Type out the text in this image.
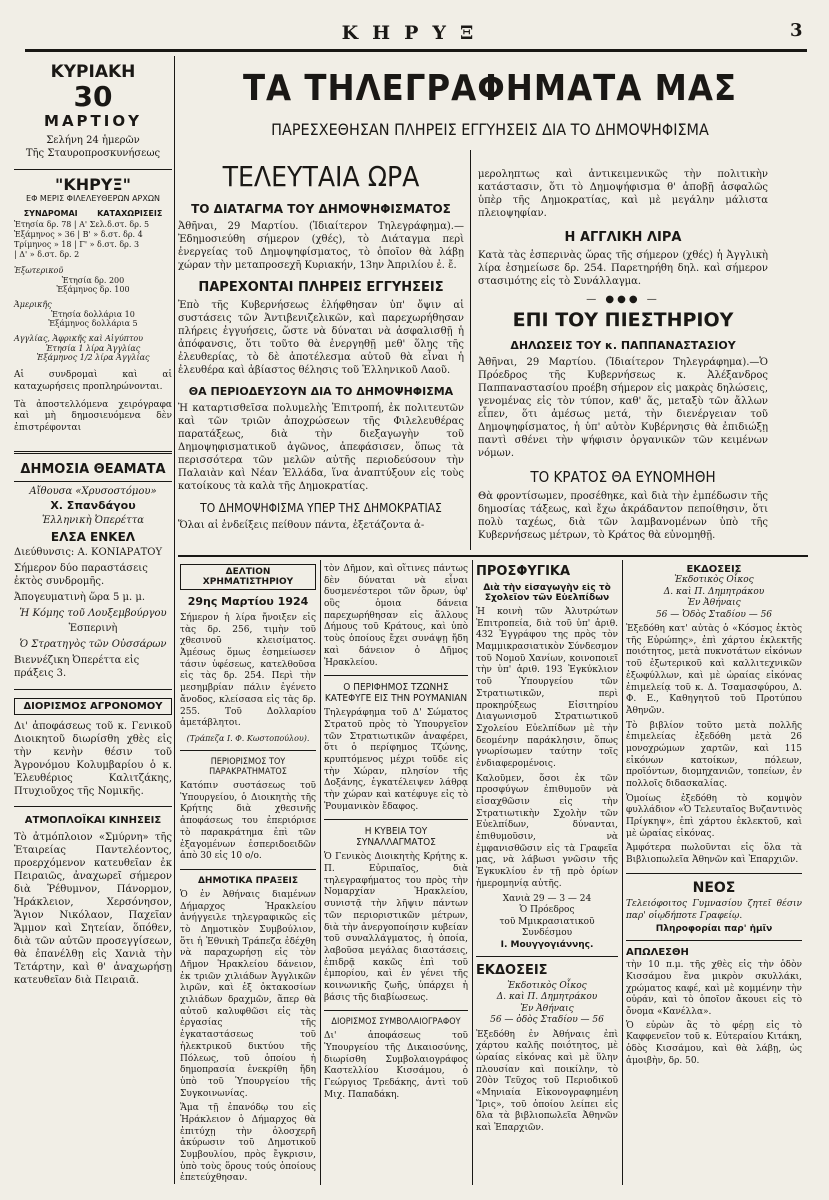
ΚΗΡΥΞ	3
ΚΥΡΙΑΚΗ
30
ΜΑΡΤΙΟΥ
Σελήνη 24 ἡμερῶν
Τῆς Σταυροπροσκυνήσεως
"ΚΗΡΥΞ"
ΕΦ ΜΕΡΙΣ ΦΙΛΕΛΕΥΘΕΡΩΝ ΑΡΧΩΝ
ΣΥΝΔΡΟΜΑΙ ΚΑΤΑΧΩΡΙΣΕΙΣ
Ἐτησία δρ. 78 | Α' Σελ.δ.στ. δρ. 5
Ἑξάμηνος » 36 | Β' » δ.στ. δρ. 4
Τρίμηνος » 18 | Γ' » δ.στ. δρ. 3
| Δ' » δ.στ. δρ. 2
Ἐξωτερικοῦ
Ἐτησία δρ. 200
Ἑξάμηνος δρ. 100
Ἀμερικῆς
Ἐτησία δολλάρια 10
Ἑξάμηνος δολλάρια 5
Αγγλίας, Ἀφρικῆς καὶ Αἰγύπτου
Ἐτησία 1 λίρα Ἀγγλίας
Ἑξάμηνος 1/2 λίρα Ἀγγλίας
Αἱ συνδρομαὶ καὶ αἱ καταχωρήσεις προπληρώνονται.
Τὰ ἀποστελλόμενα χειρόγραφα καὶ μὴ δημοσιευόμενα δὲν ἐπιστρέφονται
ΔΗΜΟΣΙΑ ΘΕΑΜΑΤΑ
Αἴθουσα «Χρυσοστόμου»
Χ. Σπανδάγου
Ἑλληνικὴ Ὀπερέττα
ΕΛΣΑ ΕΝΚΕΛ
Διεύθυνσις: Α. ΚΟΝΙΑΡΑΤΟΥ
Σήμερον δύο παραστάσεις ἐκτὸς συνδρομῆς.
Ἀπογευματινὴ ὥρα 5 μ. μ.
Ἡ Κόμης τοῦ Λουξεμβούργου
Ἑσπερινὴ
Ὁ Στρατηγὸς τῶν Οὐσσάρων
Βιεννέζικη Ὀπερέττα εἰς πράξεις 3.
ΔΙΟΡΙΣΜΟΣ ΑΓΡΟΝΟΜΟΥ
Δι' ἀποφάσεως τοῦ κ. Γενικοῦ Διοικητοῦ διωρίσθη χθὲς εἰς τὴν κενὴν θέσιν τοῦ Ἀγρονόμου Κολυμβαρίου ὁ κ. Ἐλευθέριος Καλιτζάκης, Πτυχιοῦχος τῆς Νομικῆς.
ΑΤΜΟΠΛΟΪΚΑΙ ΚΙΝΗΣΕΙΣ
Τὸ ἀτμόπλοιον «Σμύρνη» τῆς Ἑταιρείας Παντελέοντος, προερχόμενον κατευθεῖαν ἐκ Πειραιῶς, ἀναχωρεῖ σήμερον διὰ Ῥέθυμνον, Πάνορμον, Ἡράκλειον, Χερσόνησον, Ἅγιον Νικόλαον, Παχεῖαν Ἄμμον καὶ Σητείαν, ὅπόθεν, διὰ τῶν αὐτῶν προσεγγίσεων, θὰ ἐπανέλθῃ εἰς Χανιὰ τὴν Τετάρτην, καὶ θ' ἀναχωρήσῃ κατευθεῖαν διὰ Πειραιᾶ.
ΤΑ ΤΗΛΕΓΡΑΦΗΜΑΤΑ ΜΑΣ
ΠΑΡΕΣΧΕΘΗΣΑΝ ΠΛΗΡΕΙΣ ΕΓΓΥΗΣΕΙΣ ΔΙΑ ΤΟ ΔΗΜΟΨΗΦΙΣΜΑ
ΤΕΛΕΥΤΑΙΑ ΩΡΑ
ΤΟ ΔΙΑΤΑΓΜΑ ΤΟΥ ΔΗΜΟΨΗΦΙΣΜΑΤΟΣ
Ἀθῆναι, 29 Μαρτίου. (Ἰδιαίτερον Τηλεγράφημα).—Ἐδημοσιεύθη σήμερον (χθές), τὸ Διάταγμα περὶ ἐνεργείας τοῦ Δημοψηφίσματος, τὸ ὁποῖον θὰ λάβῃ χώραν τὴν μεταπροσεχῆ Κυριακήν, 13ην Ἀπριλίου ἐ. ἔ.
ΠΑΡΕΧΟΝΤΑΙ ΠΛΗΡΕΙΣ ΕΓΓΥΗΣΕΙΣ
Ἐπὸ τῆς Κυβερνήσεως ἐλήφθησαν ὑπ' ὄψιν αἱ συστάσεις τῶν Ἀντιβενιζελικῶν, καὶ παρεχωρήθησαν πλήρεις ἐγγυήσεις, ὥστε νὰ δύναται νὰ ἀσφαλισθῇ ἡ ἀπόφανσις, ὅτι τοῦτο θὰ ἐνεργηθῇ μεθ' ὅλης τῆς ἐλευθερίας, τὸ δὲ ἀποτέλεσμα αὐτοῦ θὰ εἶναι ἡ ἐλευθέρα καὶ ἀβίαστος θέλησις τοῦ Ἑλληνικοῦ Λαοῦ.
ΘΑ ΠΕΡΙΟΔΕΥΣΟΥΝ ΔΙΑ ΤΟ ΔΗΜΟΨΗΦΙΣΜΑ
Ἡ καταρτισθεῖσα πολυμελὴς Ἐπιτροπή, ἐκ πολιτευτῶν καὶ τῶν τριῶν ἀποχρώσεων τῆς Φιλελευθέρας παρατάξεως, διὰ τὴν διεξαγωγὴν τοῦ Δημοψηφισματικοῦ ἀγῶνος, ἀπεφάσισεν, ὅπως τὰ περισσότερα τῶν μελῶν αὐτῆς περιοδεύσουν τὴν Παλαιὰν καὶ Νέαν Ἑλλάδα, ἵνα ἀναπτύξουν εἰς τοὺς κατοίκους τὰ καλὰ τῆς Δημοκρατίας.
ΤΟ ΔΗΜΟΨΗΦΙΣΜΑ ΥΠΕΡ ΤΗΣ ΔΗΜΟΚΡΑΤΙΑΣ
Ὅλαι αἱ ἐνδείξεις πείθουν πάντα, ἐξετάζοντα ἀ-
μεροληπτως καὶ ἀντικειμενικῶς τὴν πολιτικὴν κατάστασιν, ὅτι τὸ Δημοψήφισμα θ' ἀποβῇ ἀσφαλῶς ὑπὲρ τῆς Δημοκρατίας, καὶ μὲ μεγάλην μάλιστα πλειοψηφίαν.
Η ΑΓΓΛΙΚΗ ΛΙΡΑ
Κατὰ τὰς ἑσπερινὰς ὥρας τῆς σήμερον (χθές) ἡ Ἀγγλικὴ λίρα ἐσημείωσε δρ. 254. Παρετηρήθη δηλ. καὶ σήμερον στασιμότης εἰς τὸ Συνάλλαγμα.
— ●●● —
ΕΠΙ ΤΟΥ ΠΙΕΣΤΗΡΙΟΥ
ΔΗΛΩΣΕΙΣ ΤΟΥ κ. ΠΑΠΠΑΝΑΣΤΑΣΙΟΥ
Ἀθῆναι, 29 Μαρτίου. (Ἰδιαίτερον Τηλεγράφημα).—Ὁ Πρόεδρος τῆς Κυβερνήσεως κ. Ἀλέξανδρος Παππαναστασίου προέβη σήμερον εἰς μακρὰς δηλώσεις, γενομένας εἰς τὸν τύπον, καθ' ἅς, μεταξὺ τῶν ἄλλων εἶπεν, ὅτι ἀμέσως μετά, τὴν διενέργειαν τοῦ Δημοψηφίσματος, ἡ ὑπ' αὐτὸν Κυβέρνησις θὰ ἐπιδιώξῃ παντὶ σθένει τὴν ψήφισιν ὀργανικῶν τῶν κειμένων νόμων.
ΤΟ ΚΡΑΤΟΣ ΘΑ ΕΥΝΟΜΗΘΗ
Θὰ φροντίσωμεν, προσέθηκε, καὶ διὰ τὴν ἐμπέδωσιν τῆς δημοσίας τάξεως, καὶ ἔχω ἀκράδαντον πεποίθησιν, ὅτι πολὺ ταχέως, διὰ τῶν λαμβανομένων ὑπὸ τῆς Κυβερνήσεως μέτρων, τὸ Κράτος θὰ εὐνομηθῇ.
ΔΕΛΤΙΟΝ ΧΡΗΜΑΤΙΣΤΗΡΙΟΥ
29ης Μαρτίου 1924
Σήμερον ἡ λίρα ἤνοιξεν εἰς τὰς δρ. 256, τιμὴν τοῦ χθεσινοῦ κλεισίματος. Ἀμέσως ὅμως ἐσημείωσεν τάσιν ὑφέσεως, κατελθοῦσα εἰς τὰς δρ. 254. Περὶ τὴν μεσημβρίαν πάλιν ἐγένετο ἄνοδος, κλείσασα εἰς τὰς δρ. 255. Τοῦ Δολλαρίου ἀμετάβλητοι.
(Τράπεζα Ι. Φ. Κωστοπούλου).
ΠΕΡΙΟΡΙΣΜΟΣ ΤΟΥ ΠΑΡΑΚΡΑΤΗΜΑΤΟΣ
Κατόπιν συστάσεως τοῦ Ὑπουργείου, ὁ Διοικητὴς τῆς Κρήτης διὰ χθεσινῆς ἀποφάσεως του ἐπεριόρισε τὸ παρακράτημα ἐπὶ τῶν ἐξαγομένων ἐσπεριδοειδῶν ἀπὸ 30 εἰς 10 ο/ο.
ΔΗΜΟΤΙΚΑ ΠΡΑΞΕΙΣ
Ὁ ἐν Ἀθήναις διαμένων Δήμαρχος Ἡρακλείου ἀνήγγειλε τηλεγραφικῶς εἰς τὸ Δημοτικὸν Συμβούλιον, ὅτι ἡ Ἐθνικὴ Τράπεζα ἐδέχθη νὰ παραχωρήσῃ εἰς τὸν Δῆμον Ἡρακλείου δάνειον, ἐκ τριῶν χιλιάδων Ἀγγλικῶν λιρῶν, καὶ ἐξ ὀκτακοσίων χιλιάδων δραχμῶν, ἅπερ θὰ αὐτοῦ καλυφθῶσι εἰς τὰς ἐργασίας τῆς ἐγκαταστάσεως τοῦ ἠλεκτρικοῦ δικτύου τῆς Πόλεως, τοῦ ὁποίου ἡ δημοπρασία ἐνεκρίθη ἤδη ὑπὸ τοῦ Ὑπουργείου τῆς Συγκοινωνίας.
Ἅμα τῇ ἐπανόδῳ του εἰς Ἡράκλειον ὁ Δήμαρχος θὰ ἐπιτύχῃ τὴν ὁλοσχερῆ ἀκύρωσιν τοῦ Δημοτικοῦ Συμβουλίου, πρὸς ἔγκρισιν, ὑπὸ τοὺς ὅρους τούς ὁποίους ἐπετεύχθησαν.
τὸν Δῆμον, καὶ οἵτινες πάντως δὲν δύναται νὰ εἶναι δυσμενέστεροι τῶν ὅρων, ὑφ' οὓς ὁμοια δάνεια παρεχωρήθησαν εἰς ἄλλους Δήμους τοῦ Κράτους, καὶ ὑπὸ τοὺς ὁποίους ἔχει συνάψῃ ἤδη καὶ δάνειον ὁ Δῆμος Ἡρακλείου.
Ο ΠΕΡΙΦΗΜΟΣ ΤΖΩΝΗΣ ΚΑΤΕΦΥΓΕ ΕΙΣ ΤΗΝ ΡΟΥΜΑΝΙΑΝ
Τηλεγράφημα τοῦ Δ' Σώματος Στρατοῦ πρὸς τὸ Ὑπουργεῖον τῶν Στρατιωτικῶν ἀναφέρει, ὅτι ὁ περίφημος Τζώνης, κρυπτόμενος μέχρι τοῦδε εἰς τὴν Χώραν, πλησίον τῆς Δοξάνης, ἐγκατέλειψεν λάθρᾳ τὴν χώραν καὶ κατέφυγε εἰς τὸ Ῥουμανικὸν ἔδαφος.
Η ΚΥΒΕΙΑ ΤΟΥ ΣΥΝΑΛΛΑΓΜΑΤΟΣ
Ὁ Γενικὸς Διοικητὴς Κρήτης κ. Π. Εὐριπαῖος, διὰ τηλεγραφήματος του πρὸς τὴν Νομαρχίαν Ἡρακλείου, συνιστᾷ τὴν λῆψιν πάντων τῶν περιοριστικῶν μέτρων, διὰ τὴν ἀνεργοποίησιν κυβείαν τοῦ συναλλάγματος, ἡ ὁποία, λαβοῦσα μεγάλας διαστάσεις, ἐπιδρᾷ κακῶς ἐπὶ τοῦ ἐμπορίου, καὶ ἐν γένει τῆς κοινωνικῆς ζωῆς, ὑπάρχει ἡ βάσις τῆς διαβίωσεως.
ΔΙΟΡΙΣΜΟΣ ΣΥΜΒΟΛΑΙΟΓΡΑΦΟΥ
Δι' ἀποφάσεως τοῦ Ὑπουργείου τῆς Δικαιοσύνης, διωρίσθη Συμβολαιογράφος Καστελλίου Κισσάμου, ὁ Γεώργιος Τρεδάκης, ἀντὶ τοῦ Μιχ. Παπαδάκη.
ΠΡΟΣΦΥΓΙΚΑ
Διὰ τὴν εἰσαγωγὴν εἰς τὸ Σχολεῖον τῶν Εὐελπίδων
Ἡ κοινὴ τῶν Ἀλυτρώτων Ἐπιτροπεία, διὰ τοῦ ὑπ' ἀριθ. 432 Ἐγγράφου της πρὸς τὸν Μαμμικρασιατικὸν Σύνδεσμον τοῦ Νομοῦ Χανίων, κοινοποιεῖ τὴν ὑπ' ἀριθ. 193 Ἐγκύκλιον τοῦ Ὑπουργείου τῶν Στρατιωτικῶν, περὶ προκηρύξεως Εἰσιτηρίου Διαγωνισμοῦ Στρατιωτικοῦ Σχολείου Εὐελπίδων μὲ τὴν δεομένην παράκλησιν, ὅπως γνωρίσωμεν ταύτην τοῖς ἐνδιαφερομένοις.
Καλοῦμεν, ὅσοι ἐκ τῶν προσφύγων ἐπιθυμοῦν νὰ εἰσαχθῶσιν εἰς τὴν Στρατιωτικὴν Σχολὴν τῶν Εὐελπίδων, δύνανται, ἐπιθυμοῦσιν, νὰ ἐμφανισθῶσιν εἰς τὰ Γραφεῖα μας, νὰ λάβωσι γνῶσιν τῆς Ἐγκυκλίου ἐν τῇ πρὸ ὀρίων ἡμερομηνίᾳ αὐτῆς.
Χανιὰ 29 — 3 — 24
Ὁ Πρόεδρος
τοῦ Μμικρασιατικοῦ Συνδέσμου
Ι. Μουγγογιάννης.
ΕΚΔΟΣΕΙΣ
Ἐκδοτικὸς Οἶκος
Δ. καὶ Π. Δημητράκου
Ἐν Ἀθήναις
56 — ὁδὸς Σταδίου — 56
Ἐξεδόθη ἐν Ἀθήναις ἐπὶ χάρτου καλῆς ποιότητος, μὲ ὡραίας εἰκόνας καὶ μὲ ὕλην πλουσίαν καὶ ποικίλην, τὸ 20ὸν Τεῦχος τοῦ Περιοδικοῦ «Μηνιαία Εἰκονογραφημένη Ἴρις», τοῦ ὁποίου λείπει εἰς δλα τὰ βιβλιοπωλεῖα Ἀθηνῶν καὶ Ἐπαρχιῶν.
ΕΚΔΟΣΕΙΣ
Ἐκδοτικὸς Οἶκος
Δ. καὶ Π. Δημητράκου
Ἐν Ἀθήναις
56 — Ὁδὸς Σταδίου — 56
Ἐξεδόθη κατ' αὐτὰς ὁ «Κόσμος ἐκτὸς τῆς Εὐρώπης», ἐπὶ χάρτου ἐκλεκτῆς ποιότητος, μετὰ πυκνοτάτων εἰκόνων τοῦ ἐξωτερικοῦ καὶ καλλιτεχνικῶν ἐξωφύλλων, καὶ μὲ ὡραίας εἰκόνας ἐπιμελείᾳ τοῦ κ. Δ. Τσαμασφύρου, Δ. Φ. Ε., Καθηγητοῦ τοῦ Προτύπου Ἀθηνῶν.
Τὸ βιβλίον τοῦτο μετὰ πολλῆς ἐπιμελείας ἐξεδόθη μετὰ 26 μονοχρώμων χαρτῶν, καὶ 115 εἰκόνων κατοίκων, πόλεων, προϊόντων, διομηχανιῶν, τοπείων, ἐν πολλοῖς διδασκαλίας.
Ὁμοίως ἐξεδόθη τὸ κομψὸν φυλλάδιον «Ὁ Τελευταῖος Βυζαντινὸς Πρίγκηψ», ἐπὶ χάρτου ἐκλεκτοῦ, καὶ μὲ ὡραίας εἰκόνας.
Ἀμφότερα πωλοῦνται εἰς ὅλα τὰ Βιβλιοπωλεῖα Ἀθηνῶν καὶ Ἐπαρχιῶν.
ΝΕΟΣ
Τελειόφοιτος Γυμνασίου ζητεῖ θέσιν παρ' οἱῳδήποτε Γραφείῳ.
Πληροφορίαι παρ' ἡμῖν
ΑΠΩΛΕΣΘΗ
τὴν 10 π.μ. τῆς χθὲς εἰς τὴν ὁδὸν Κισσάμου ἕνα μικρὸν σκυλλάκι, χρώματος καφέ, καὶ μὲ κομμένην τὴν οὐράν, καὶ τὸ ὁποῖον ἄκουει εἰς τὸ ὄνομα «Κανέλλα».
Ὁ εὑρὼν ἂς τὸ φέρῃ εἰς τὸ Καφφενεῖον τοῦ κ. Εὐτεραίου Κιτάκη, ὁδὸς Κισσάμου, καὶ θὰ λάβῃ, ὡς ἀμοιβὴν, δρ. 50.
